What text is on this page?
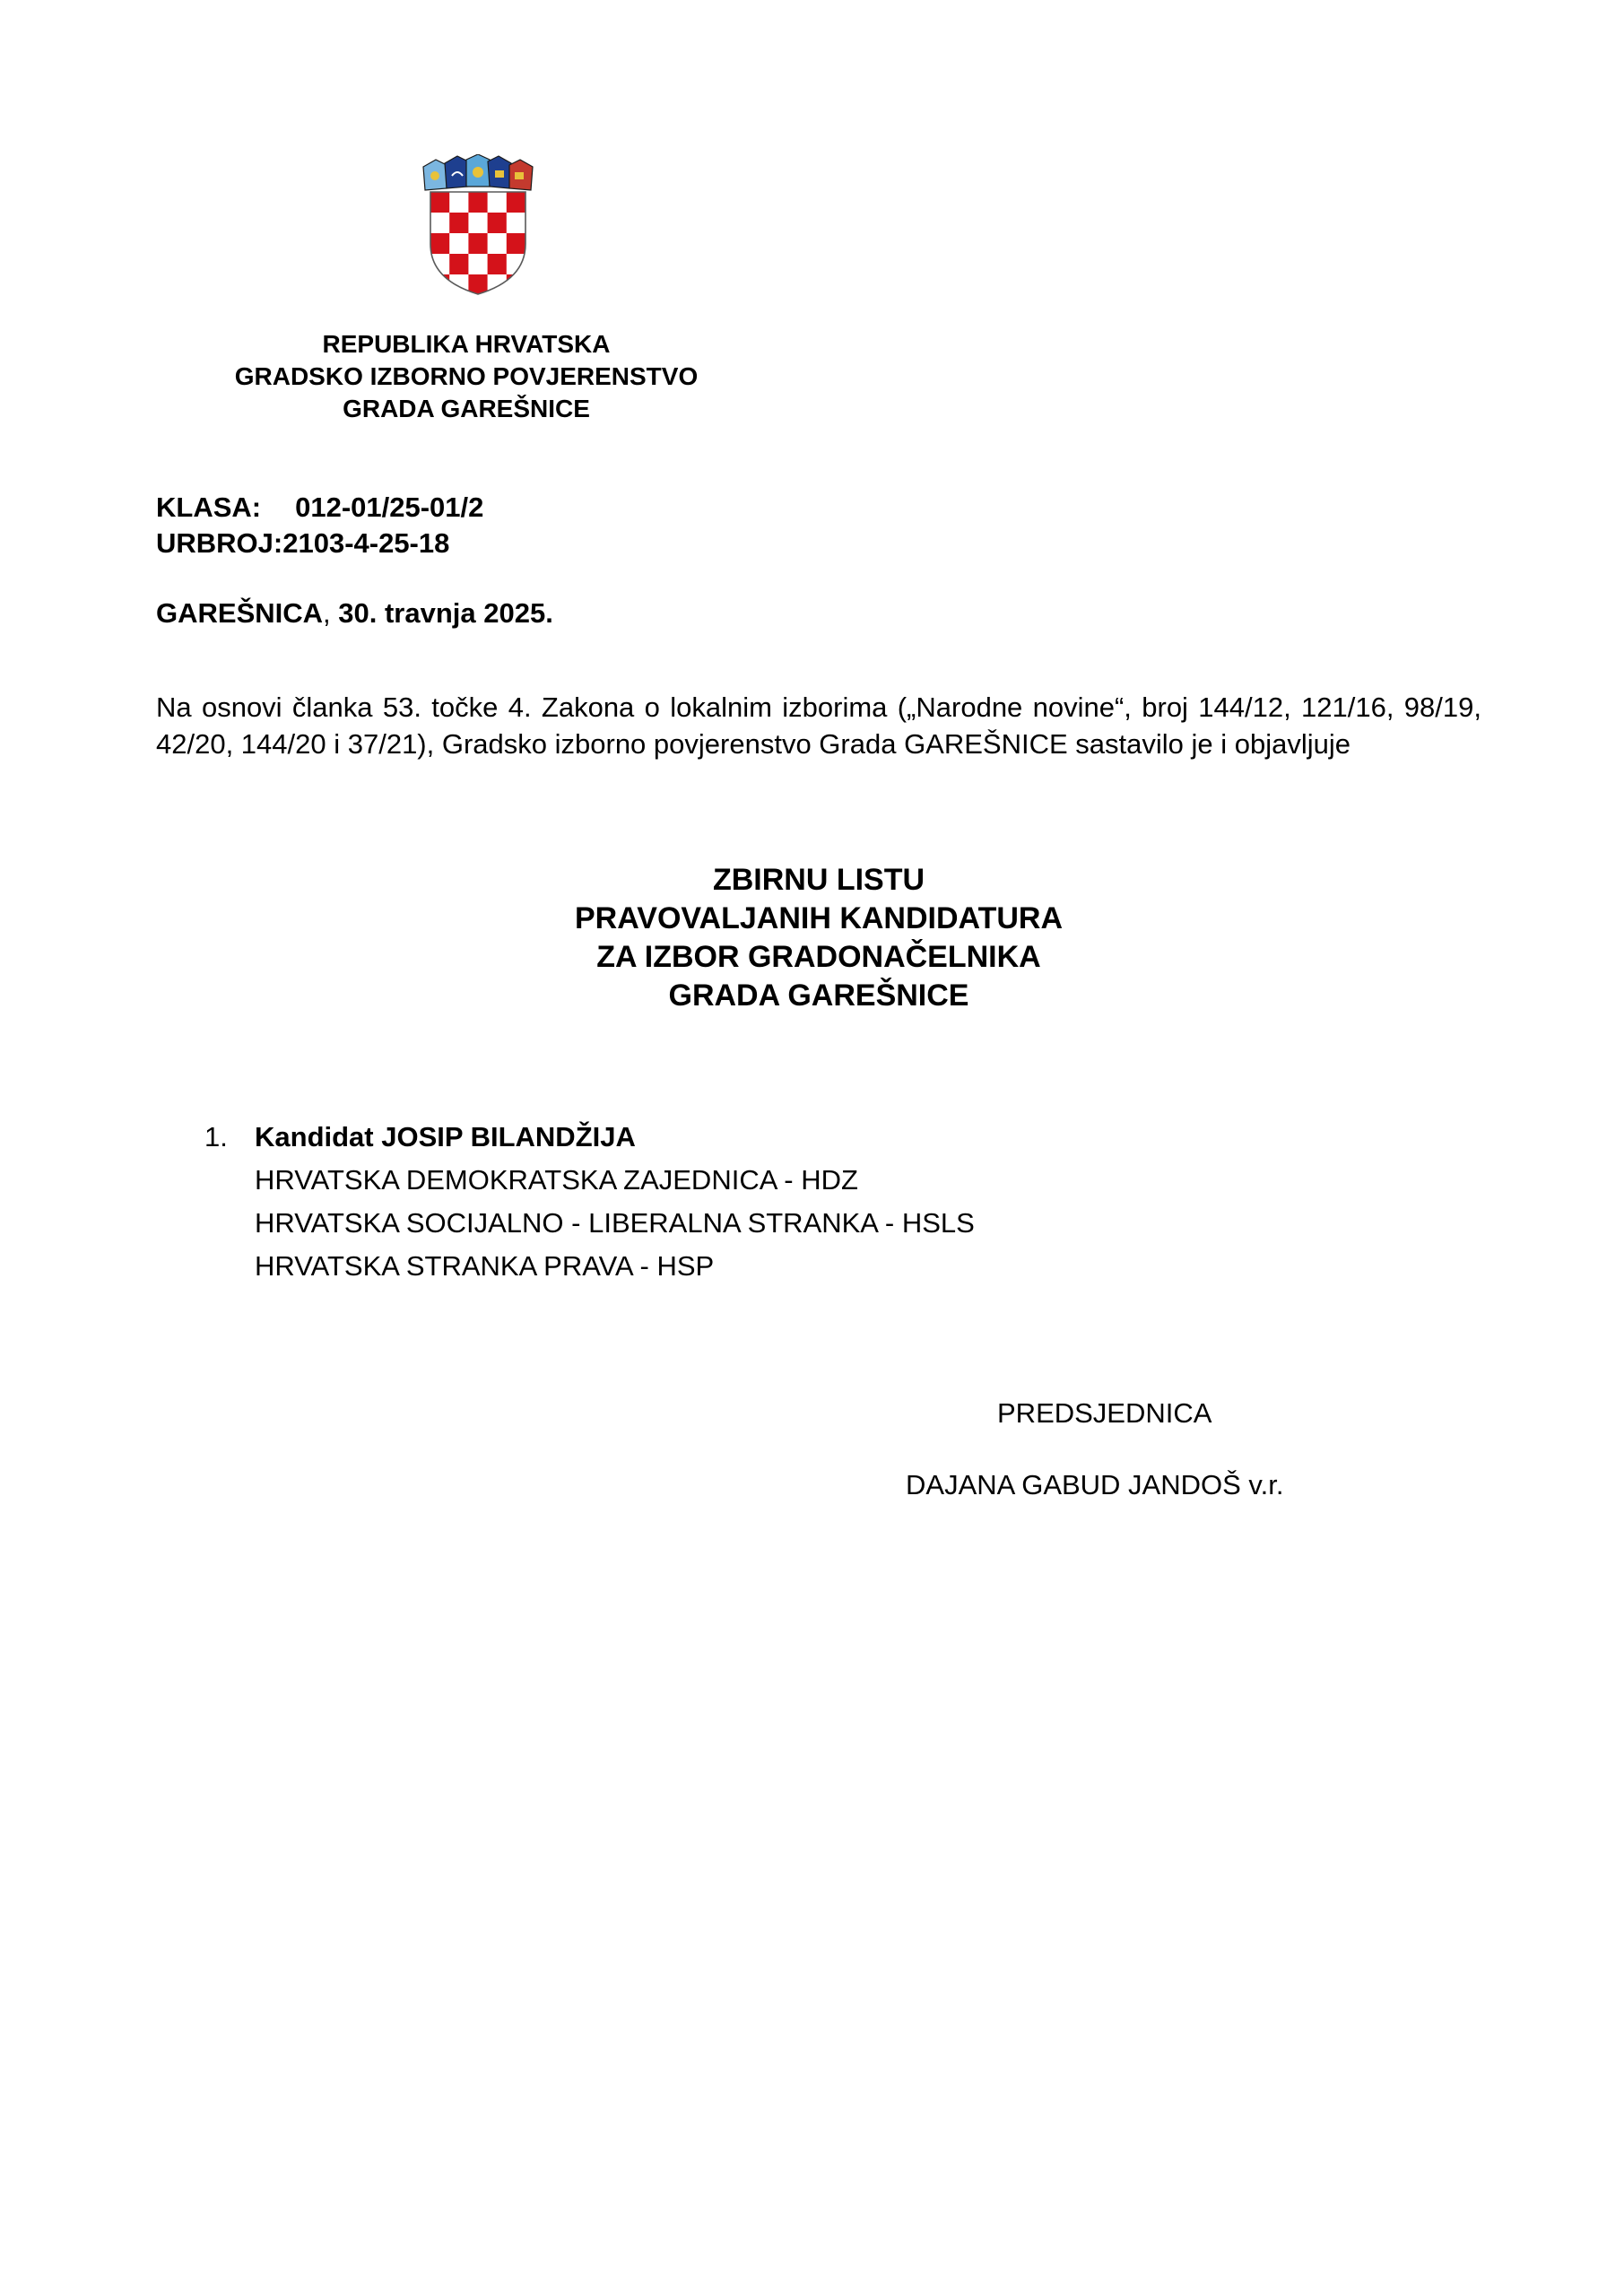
REPUBLIKA HRVATSKA
GRADSKO IZBORNO POVJERENSTVO
GRADA GAREŠNICE
KLASA: 012-01/25-01/2
URBROJ:2103-4-25-18
GAREŠNICA, 30. travnja 2025.
Na osnovi članka 53. točke 4. Zakona o lokalnim izborima („Narodne novine“, broj 144/12, 121/16, 98/19, 42/20, 144/20 i 37/21), Gradsko izborno povjerenstvo Grada GAREŠNICE sastavilo je i objavljuje
ZBIRNU LISTU
PRAVOVALJANIH KANDIDATURA
ZA IZBOR GRADONAČELNIKA
GRADA GAREŠNICE
1. Kandidat JOSIP BILANDŽIJA
HRVATSKA DEMOKRATSKA ZAJEDNICA - HDZ
HRVATSKA SOCIJALNO - LIBERALNA STRANKA - HSLS
HRVATSKA STRANKA PRAVA - HSP
PREDSJEDNICA
DAJANA GABUD JANDOŠ v.r.
